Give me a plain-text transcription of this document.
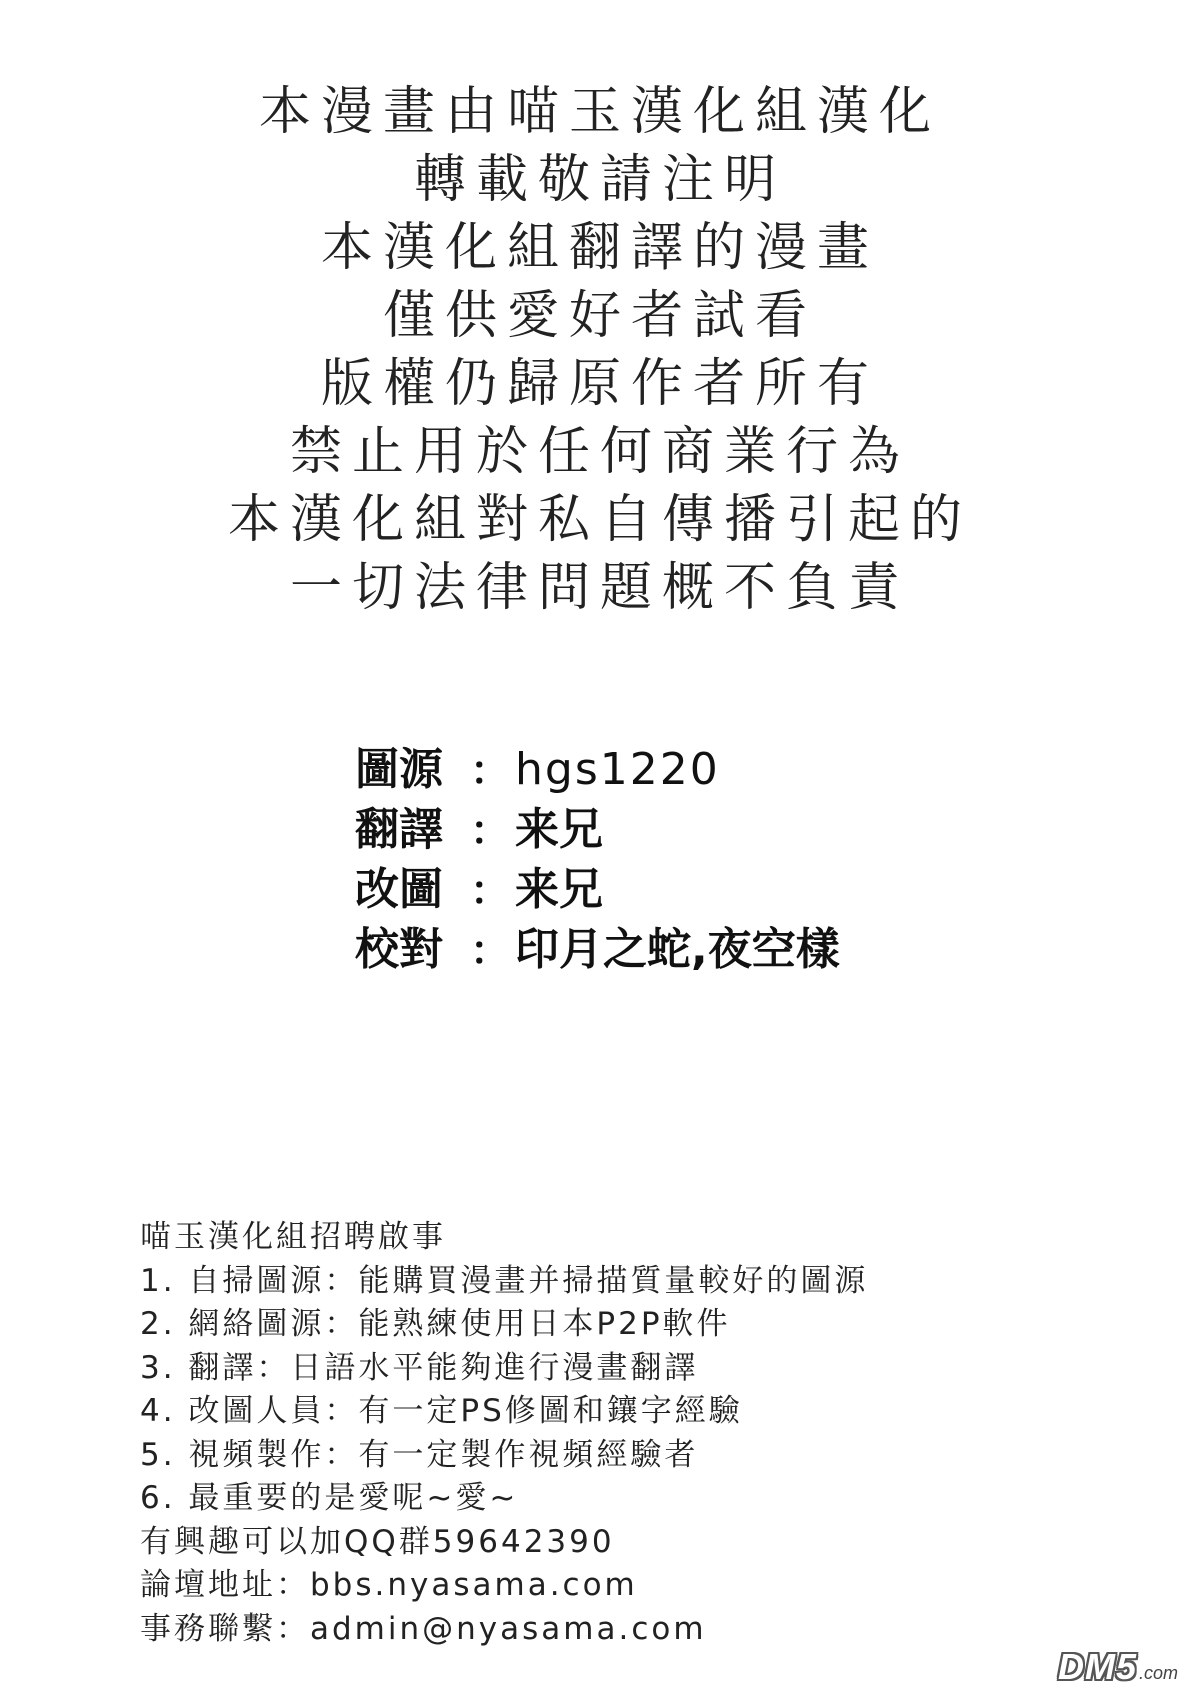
本漫畫由喵玉漢化組漢化
轉載敬請注明
本漢化組翻譯的漫畫
僅供愛好者試看
版權仍歸原作者所有
禁止用於任何商業行為
本漢化組對私自傳播引起的
一切法律問題概不負責
圖源 ： hgs1220
翻譯 ： 来兄
改圖 ： 来兄
校對 ： 印月之蛇,夜空樣
喵玉漢化組招聘啟事
1. 自掃圖源：能購買漫畫并掃描質量較好的圖源
2. 網絡圖源：能熟練使用日本P2P軟件
3. 翻譯：日語水平能夠進行漫畫翻譯
4. 改圖人員：有一定PS修圖和鑲字經驗
5. 視頻製作：有一定製作視頻經驗者
6. 最重要的是愛呢~愛~
有興趣可以加QQ群59642390
論壇地址：bbs.nyasama.com
事務聯繫：admin@nyasama.com
DM5 .com
